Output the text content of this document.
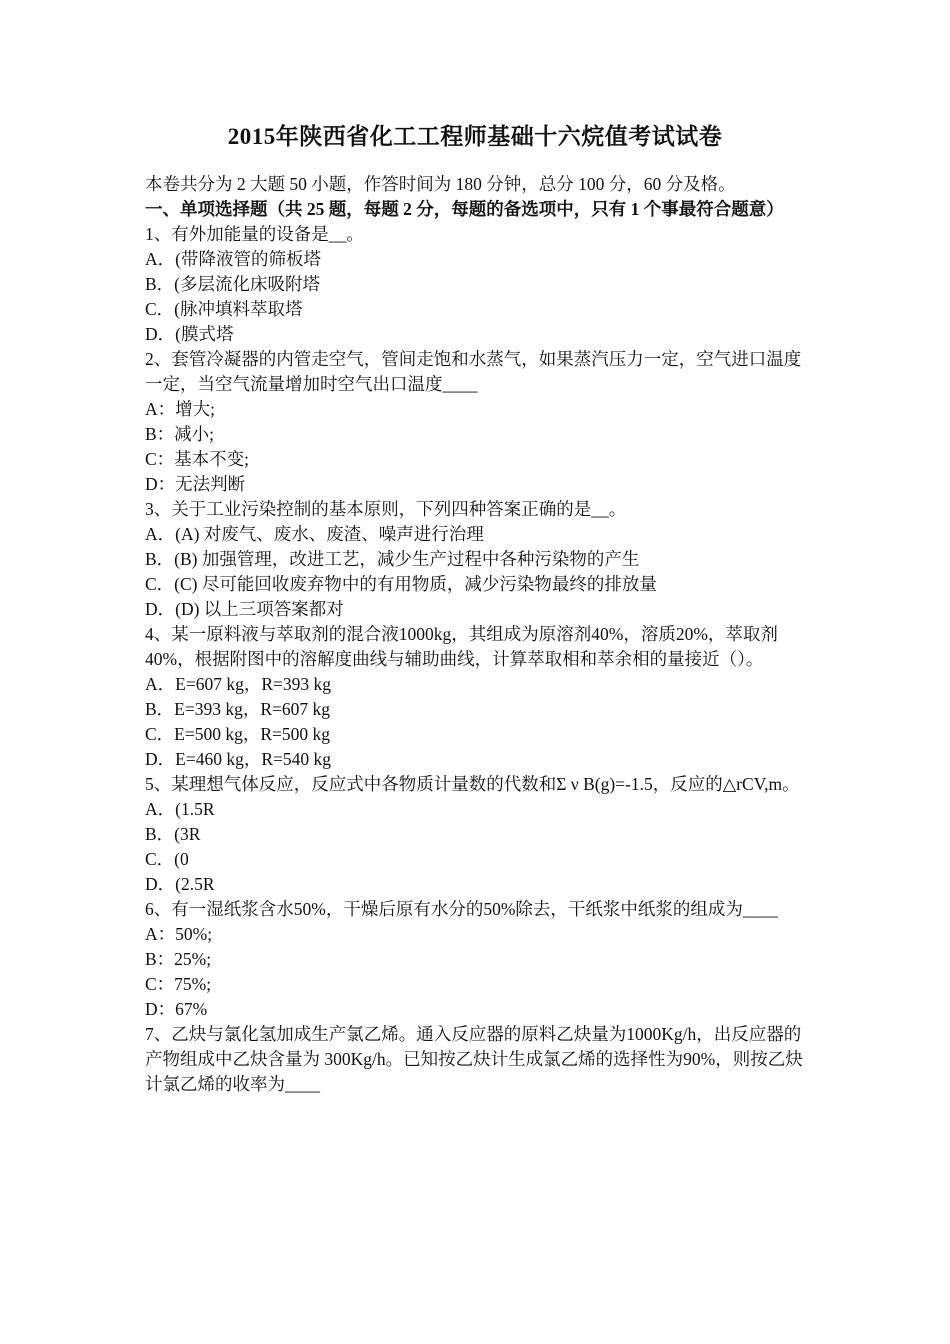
2015年陕西省化工工程师基础十六烷值考试试卷
本卷共分为 2 大题 50 小题，作答时间为 180 分钟，总分 100 分，60 分及格。
一、单项选择题（共 25 题，每题 2 分，每题的备选项中，只有 1 个事最符合题意）
1、有外加能量的设备是__。
A．(带降液管的筛板塔
B．(多层流化床吸附塔
C．(脉冲填料萃取塔
D．(膜式塔
2、套管冷凝器的内管走空气，管间走饱和水蒸气，如果蒸汽压力一定，空气进口温度一定，当空气流量增加时空气出口温度____
A：增大;
B：减小;
C：基本不变;
D：无法判断
3、关于工业污染控制的基本原则，下列四种答案正确的是__。
A．(A) 对废气、废水、废渣、噪声进行治理
B．(B) 加强管理，改进工艺，减少生产过程中各种污染物的产生
C．(C) 尽可能回收废弃物中的有用物质，减少污染物最终的排放量
D．(D) 以上三项答案都对
4、某一原料液与萃取剂的混合液1000kg，其组成为原溶剂40%，溶质20%，萃取剂40%，根据附图中的溶解度曲线与辅助曲线，计算萃取相和萃余相的量接近（）。
A．E=607 kg，R=393 kg
B．E=393 kg，R=607 kg
C．E=500 kg，R=500 kg
D．E=460 kg，R=540 kg
5、某理想气体反应，反应式中各物质计量数的代数和Σ ν B(g)=-1.5，反应的△rCV,m。
A．(1.5R
B．(3R
C．(0
D．(2.5R
6、有一湿纸浆含水50%，干燥后原有水分的50%除去，干纸浆中纸浆的组成为____
A：50%;
B：25%;
C：75%;
D：67%
7、乙炔与氯化氢加成生产氯乙烯。通入反应器的原料乙炔量为1000Kg/h，出反应器的产物组成中乙炔含量为 300Kg/h。已知按乙炔计生成氯乙烯的选择性为90%，则按乙炔计氯乙烯的收率为____
